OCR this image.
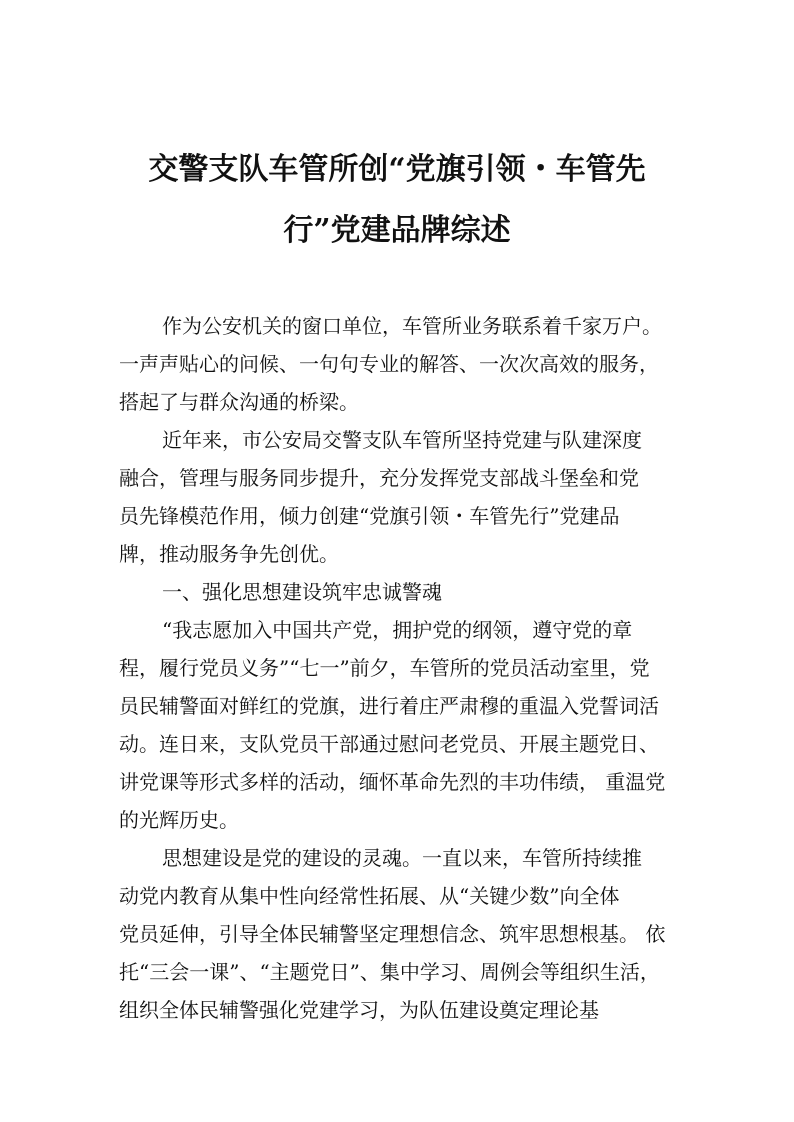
交警支队车管所创“党旗引领・车管先
行”党建品牌综述
作为公安机关的窗口单位，车管所业务联系着千家万户。
一声声贴心的问候、一句句专业的解答、一次次高效的服务，
搭起了与群众沟通的桥梁。
近年来，市公安局交警支队车管所坚持党建与队建深度
融合，管理与服务同步提升，充分发挥党支部战斗堡垒和党
员先锋模范作用，倾力创建“党旗引领・车管先行”党建品
牌，推动服务争先创优。
一、强化思想建设筑牢忠诚警魂
“我志愿加入中国共产党，拥护党的纲领，遵守党的章
程，履行党员义务”“七一”前夕，车管所的党员活动室里，党
员民辅警面对鲜红的党旗，进行着庄严肃穆的重温入党誓词活
动。连日来，支队党员干部通过慰问老党员、开展主题党日、
讲党课等形式多样的活动，缅怀革命先烈的丰功伟绩， 重温党
的光辉历史。
思想建设是党的建设的灵魂。一直以来，车管所持续推
动党内教育从集中性向经常性拓展、从“关键少数”向全体
党员延伸，引导全体民辅警坚定理想信念、筑牢思想根基。 依
托“三会一课”、“主题党日”、集中学习、周例会等组织生活，
组织全体民辅警强化党建学习，为队伍建设奠定理论基
